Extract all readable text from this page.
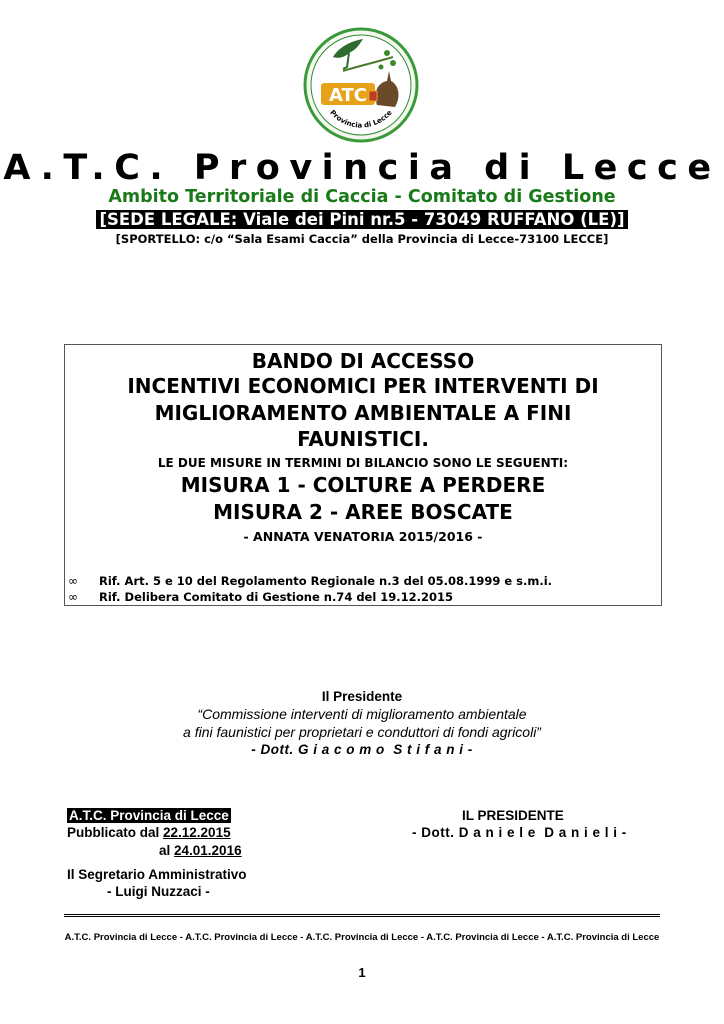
ATC
Provincia di Lecce
A.T.C. Provincia di Lecce
Ambito Territoriale di Caccia - Comitato di Gestione
[SEDE LEGALE: Viale dei Pini nr.5 - 73049 RUFFANO (LE)]
[SPORTELLO: c/o “Sala Esami Caccia” della Provincia di Lecce-73100 LECCE]
BANDO DI ACCESSO
INCENTIVI ECONOMICI PER INTERVENTI DI
MIGLIORAMENTO AMBIENTALE A FINI
FAUNISTICI.
LE DUE MISURE IN TERMINI DI BILANCIO SONO LE SEGUENTI:
MISURA 1 - COLTURE A PERDERE
MISURA 2 - AREE BOSCATE
- ANNATA VENATORIA 2015/2016 -
∞ Rif. Art. 5 e 10 del Regolamento Regionale n.3 del 05.08.1999 e s.m.i.
∞ Rif. Delibera Comitato di Gestione n.74 del 19.12.2015
Il Presidente
“Commissione interventi di miglioramento ambientale
a fini faunistici per proprietari e conduttori di fondi agricoli”
- Dott. G i a c o m o  S t i f a n i -
A.T.C. Provincia di Lecce
Pubblicato dal 22.12.2015
al 24.01.2016
Il Segretario Amministrativo
- Luigi Nuzzaci -
IL PRESIDENTE
- Dott. D a n i e l e  D a n i e l i -
A.T.C. Provincia di Lecce - A.T.C. Provincia di Lecce - A.T.C. Provincia di Lecce - A.T.C. Provincia di Lecce - A.T.C. Provincia di Lecce
1
